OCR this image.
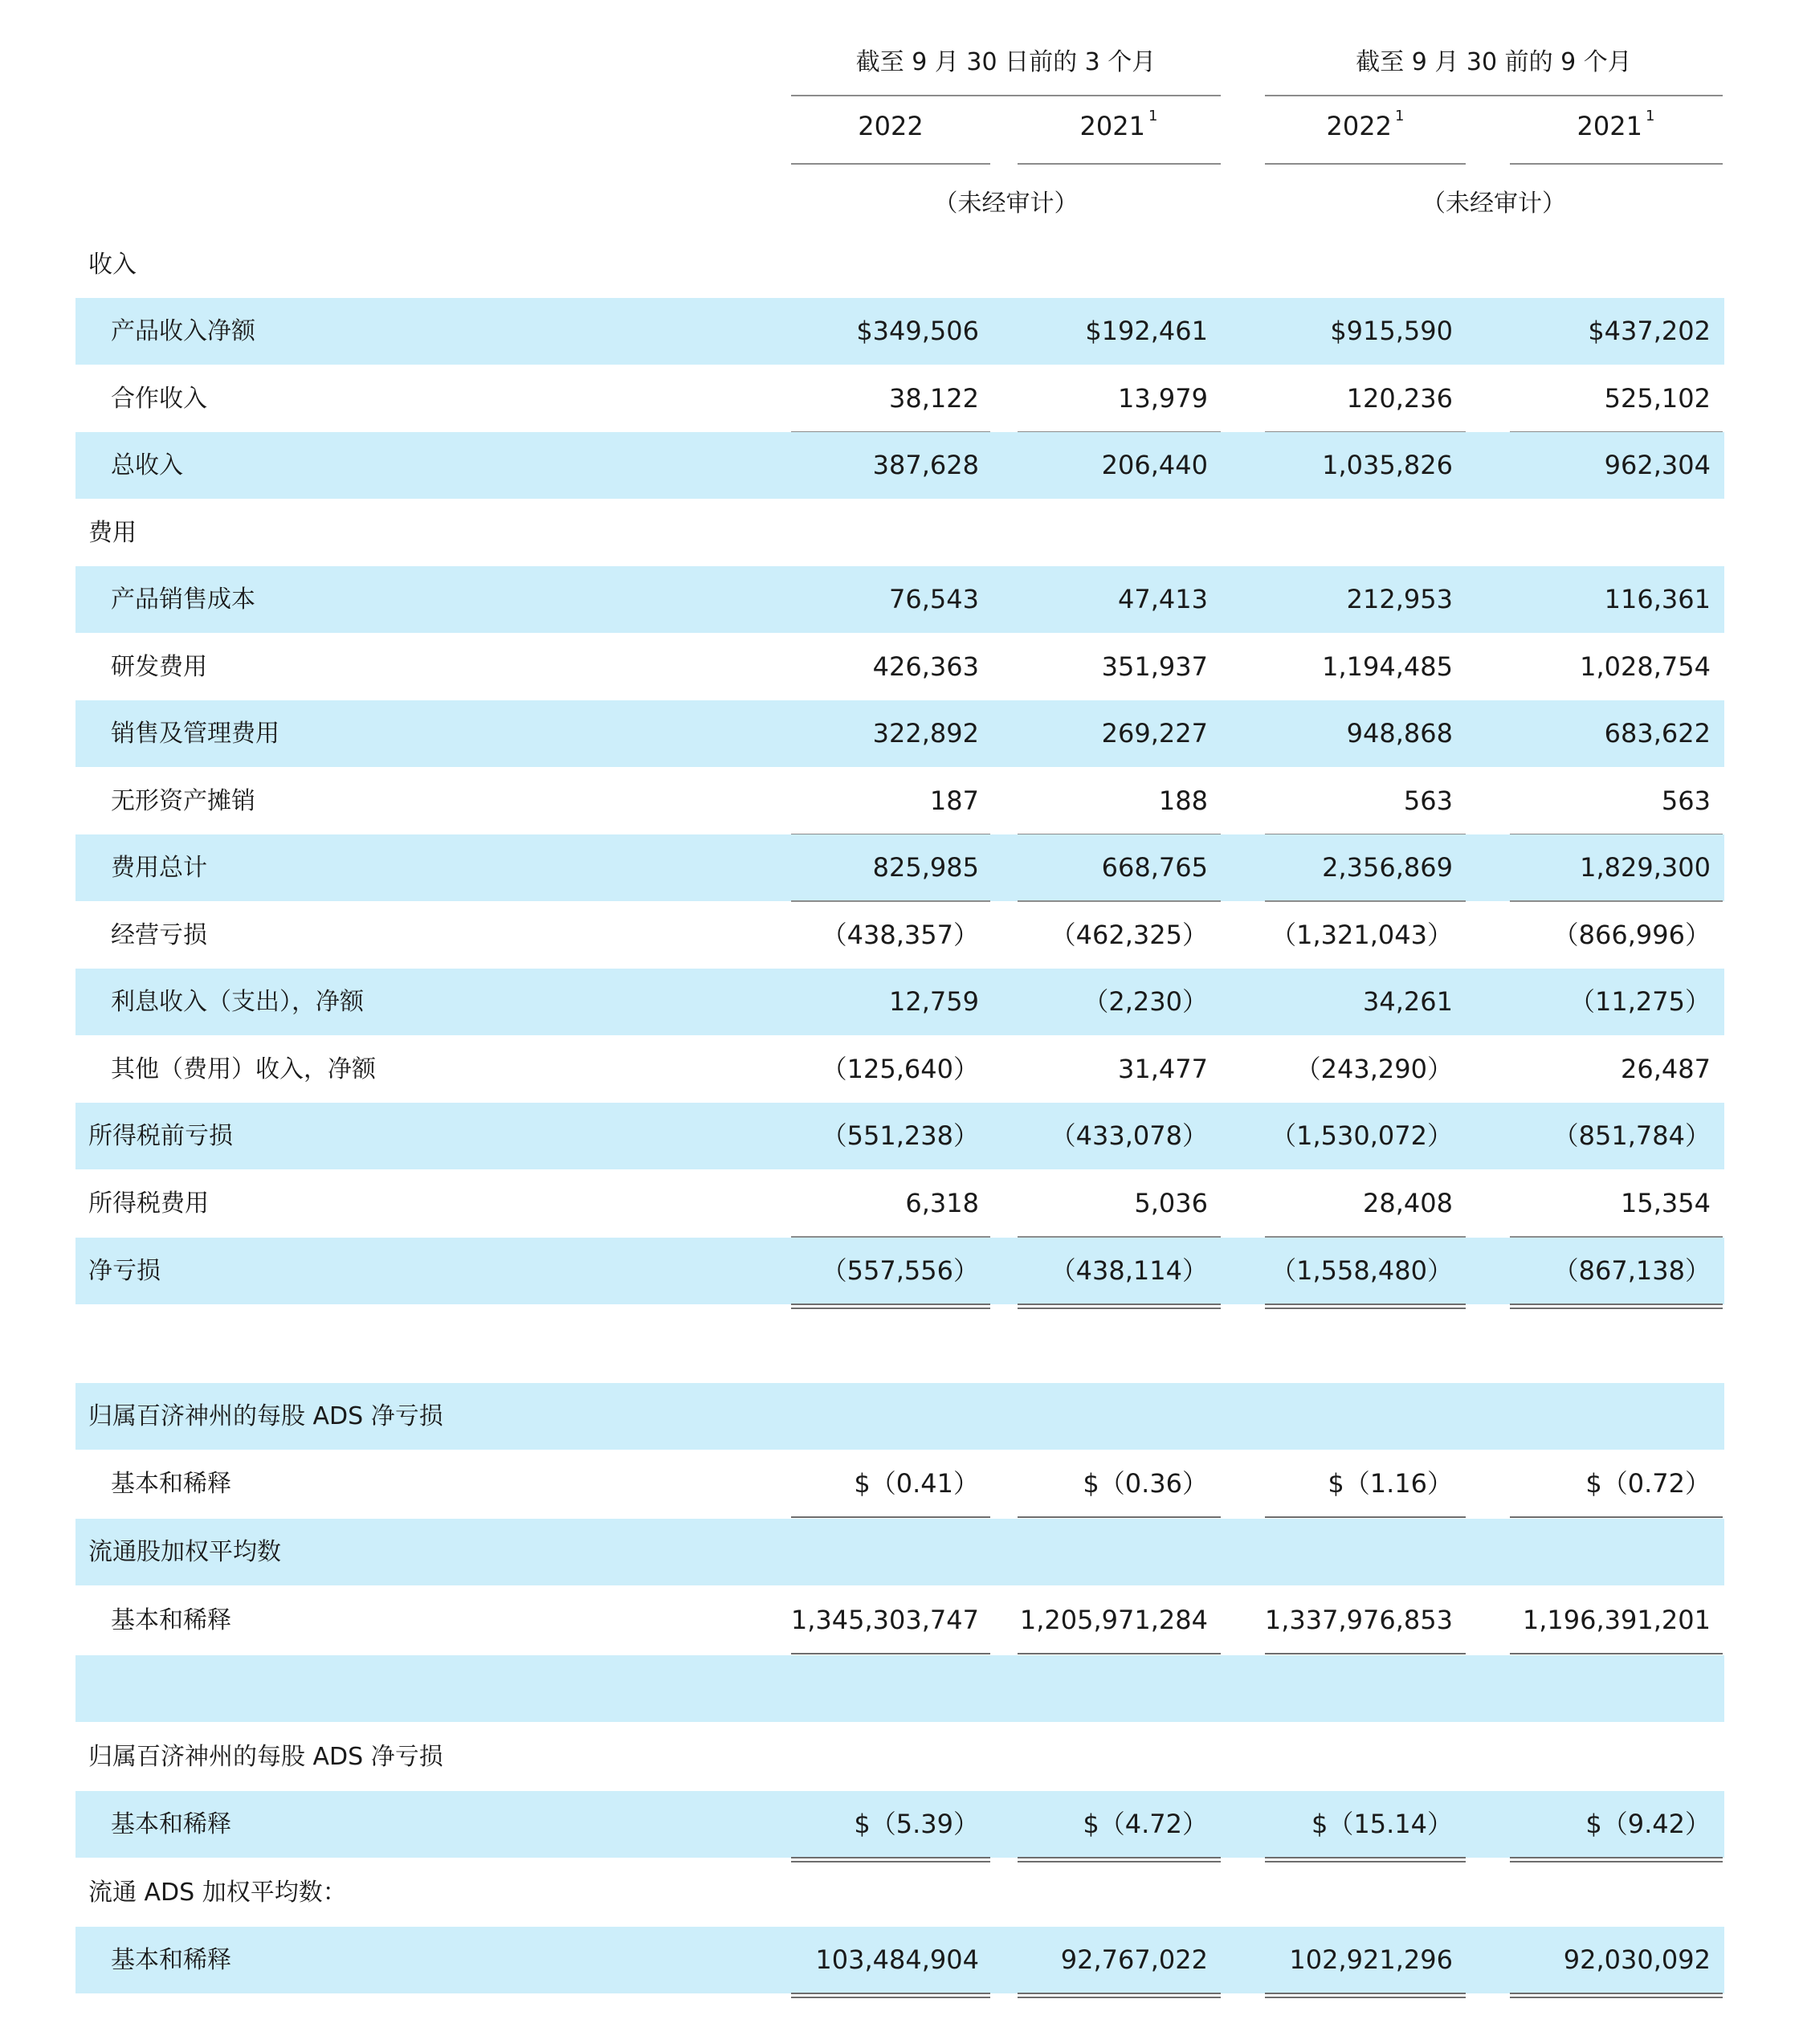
截至 9 月 30 日前的 3 个月	截至 9 月 30 前的 9 个月
2022	2021 $^1$	2022 $^1$	2021 $^1$
（未经审计）	（未经审计）
收入
产品收入净额	$349,506	$192,461	$915,590	$437,202
合作收入	38,122	13,979	120,236	525,102
总收入	387,628	206,440	1,035,826	962,304
费用
产品销售成本	76,543	47,413	212,953	116,361
研发费用	426,363	351,937	1,194,485	1,028,754
销售及管理费用	322,892	269,227	948,868	683,622
无形资产摊销	187	188	563	563
费用总计	825,985	668,765	2,356,869	1,829,300
经营亏损	（438,357）	（462,325） （1,321,043）	（866,996）
利息收入（支出），净额	12,759	（2,230）	34,261	（11,275）
其他（费用）收入，净额	（125,640）	31,477	（243,290）	26,487
所得税前亏损	（551,238）	（433,078） （1,530,072）	（851,784）
所得税费用	6,318	5,036	28,408	15,354
净亏损	（557,556）	（438,114） （1,558,480）	（867,138）
归属百济神州的每股 ADS 净亏损
基本和稀释	$（0.41）	$（0.36）	$（1.16）	$（0.72）
流通股加权平均数
基本和稀释	1,345,303,747 1,205,971,284 1,337,976,853	1,196,391,201
归属百济神州的每股 ADS 净亏损
基本和稀释	$（5.39）	$（4.72）	$（15.14）	$（9.42）
流通 ADS 加权平均数：
基本和稀释	103,484,904	92,767,022	102,921,296	92,030,092
